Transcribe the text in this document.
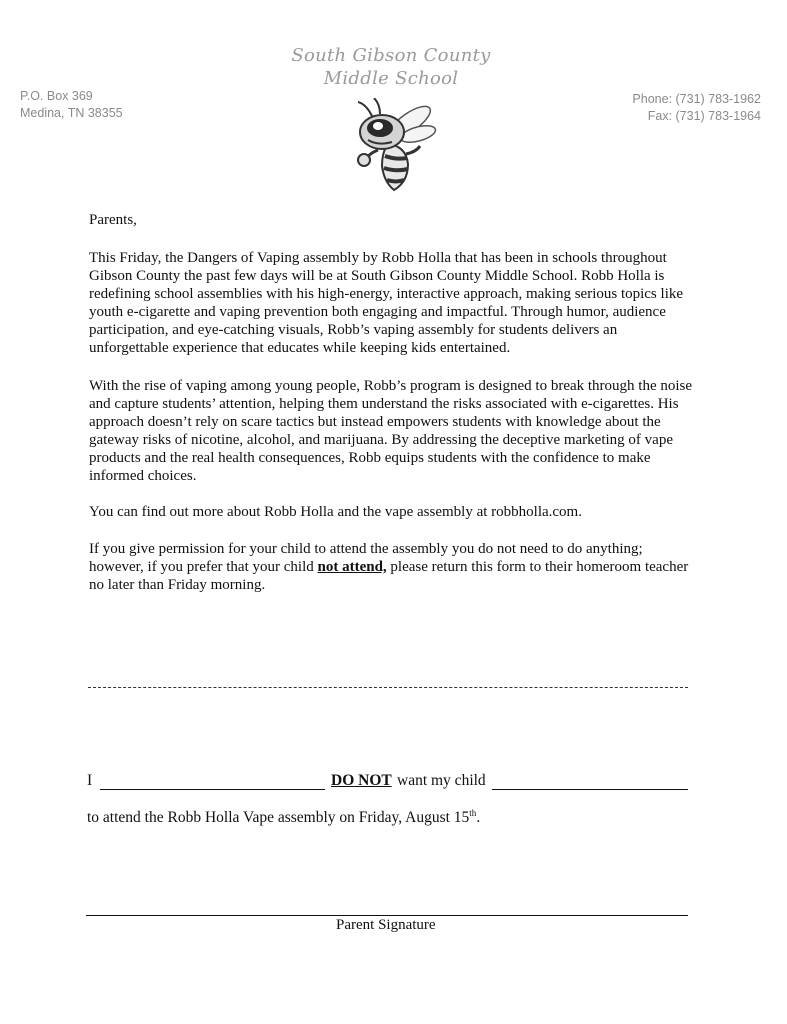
P.O. Box 369
Medina, TN 38355
South Gibson County
Middle School
Phone: (731) 783-1962
Fax: (731) 783-1964

Parents,

This Friday, the Dangers of Vaping assembly by Robb Holla that has been in schools throughout Gibson County the past few days will be at South Gibson County Middle School. Robb Holla is redefining school assemblies with his high-energy, interactive approach, making serious topics like youth e-cigarette and vaping prevention both engaging and impactful. Through humor, audience participation, and eye-catching visuals, Robb’s vaping assembly for students delivers an unforgettable experience that educates while keeping kids entertained.

With the rise of vaping among young people, Robb’s program is designed to break through the noise and capture students’ attention, helping them understand the risks associated with e-cigarettes. His approach doesn’t rely on scare tactics but instead empowers students with knowledge about the gateway risks of nicotine, alcohol, and marijuana. By addressing the deceptive marketing of vape products and the real health consequences, Robb equips students with the confidence to make informed choices.

You can find out more about Robb Holla and the vape assembly at robbholla.com.

If you give permission for your child to attend the assembly you do not need to do anything; however, if you prefer that your child not attend, please return this form to their homeroom teacher no later than Friday morning.

I	DO NOT want my child
to attend the Robb Holla Vape assembly on Friday, August 15th.
Parent Signature
